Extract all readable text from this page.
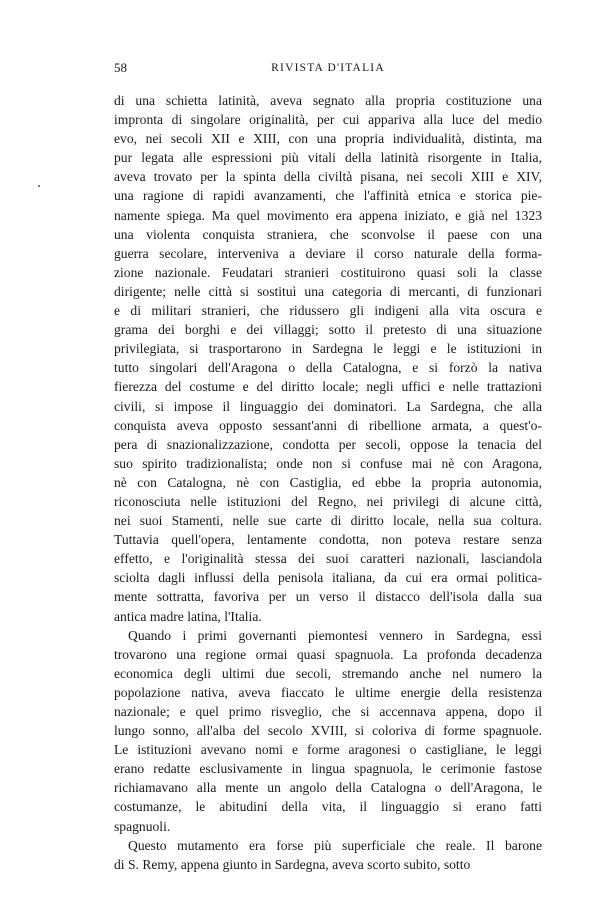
58	RIVISTA D'ITALIA
di una schietta latinità, aveva segnato alla propria costituzione una
impronta di singolare originalità, per cui appariva alla luce del medio
evo, nei secoli XII e XIII, con una propria individualità, distinta, ma
pur legata alle espressioni più vitali della latinità risorgente in Italia,
aveva trovato per la spinta della civiltà pisana, nei secoli XIII e XIV,
una ragione di rapidi avanzamenti, che l'affinità etnica e storica pie-
namente spiega. Ma quel movimento era appena iniziato, e già nel 1323
una violenta conquista straniera, che sconvolse il paese con una
guerra secolare, interveniva a deviare il corso naturale della forma-
zione nazionale. Feudatari stranieri costituirono quasi soli la classe
dirigente; nelle città si sostituì una categoria di mercanti, di funzionari
e di militari stranieri, che ridussero gli indigeni alla vita oscura e
grama dei borghi e dei villaggi; sotto il pretesto di una situazione
privilegiata, si trasportarono in Sardegna le leggi e le istituzioni in
tutto singolari dell'Aragona o della Catalogna, e si forzò la nativa
fierezza del costume e del diritto locale; negli uffici e nelle trattazioni
civili, si impose il linguaggio dei dominatori. La Sardegna, che alla
conquista aveva opposto sessant'anni di ribellione armata, a quest'o-
pera di snazionalizzazione, condotta per secoli, oppose la tenacia del
suo spirito tradizionalista; onde non si confuse mai nè con Aragona,
nè con Catalogna, nè con Castiglia, ed ebbe la propria autonomia,
riconosciuta nelle istituzioni del Regno, nei privilegi di alcune città,
nei suoi Stamenti, nelle sue carte di diritto locale, nella sua coltura.
Tuttavia quell'opera, lentamente condotta, non poteva restare senza
effetto, e l'originalità stessa dei suoi caratteri nazionali, lasciandola
sciolta dagli influssi della penisola italiana, da cui era ormai politica-
mente sottratta, favoriva per un verso il distacco dell'isola dalla sua
antica madre latina, l'Italia.
Quando i primi governanti piemontesi vennero in Sardegna, essi
trovarono una regione ormai quasi spagnuola. La profonda decadenza
economica degli ultimi due secoli, stremando anche nel numero la
popolazione nativa, aveva fiaccato le ultime energie della resistenza
nazionale; e quel primo risveglio, che si accennava appena, dopo il
lungo sonno, all'alba del secolo XVIII, si coloriva di forme spagnuole.
Le istituzioni avevano nomi e forme aragonesi o castigliane, le leggi
erano redatte esclusivamente in lingua spagnuola, le cerimonie fastose
richiamavano alla mente un angolo della Catalogna o dell'Aragona, le
costumanze, le abitudini della vita, il linguaggio si erano fatti
spagnuoli.
Questo mutamento era forse più superficiale che reale. Il barone
di S. Remy, appena giunto in Sardegna, aveva scorto subito, sotto
